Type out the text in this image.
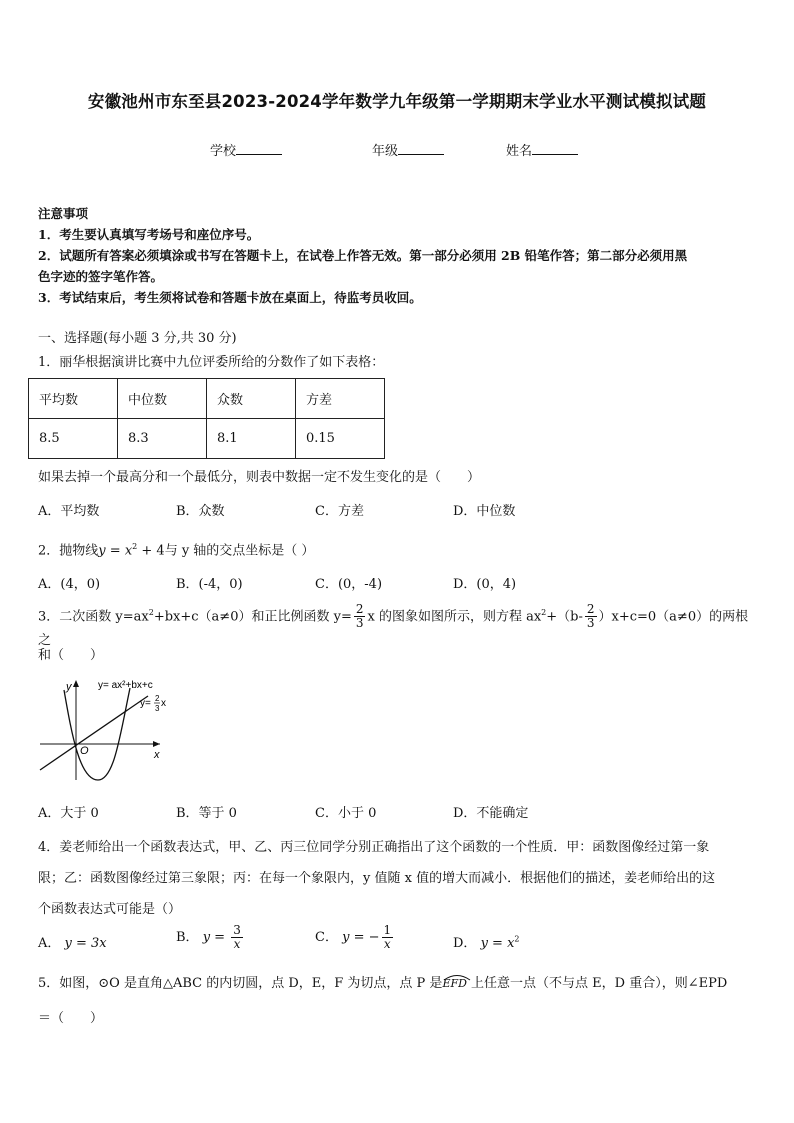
安徽池州市东至县2023-2024学年数学九年级第一学期期末学业水平测试模拟试题
学校	年级	姓名
注意事项
1．考生要认真填写考场号和座位序号。
2．试题所有答案必须填涂或书写在答题卡上，在试卷上作答无效。第一部分必须用 2B 铅笔作答；第二部分必须用黑
色字迹的签字笔作答。
3．考试结束后，考生须将试卷和答题卡放在桌面上，待监考员收回。
一、选择题(每小题 3 分,共 30 分)
1．丽华根据演讲比赛中九位评委所给的分数作了如下表格：
平均数	中位数	众数	方差
8.5	8.3	8.1	0.15
如果去掉一个最高分和一个最低分，则表中数据一定不发生变化的是（　　）
A．平均数	B．众数	C．方差	D．中位数
2．抛物线$y = x^2 + 4$与 y 轴的交点坐标是（ ）
A．(4，0)	B．(-4，0)	C．(0，-4)	D．(0，4)
3．二次函数 $y=ax^2+bx+c(a\ne 0)$和正比例函数 $y= \frac{2}{3}$ x 的图象如图所示，则方程 $ax^2+(b- \frac{2}{3} )x+c=0(a\ne 0)$的两根之
和（　　）
y
x
O
y= ax²+bx+c
y= 2
3 x
A．大于 0	B．等于 0	C．小于 0	D．不能确定
4．姜老师给出一个函数表达式，甲、乙、丙三位同学分别正确指出了这个函数的一个性质．甲：函数图像经过第一象
限；乙：函数图像经过第三象限；丙：在每一个象限内，y 值随 x 值的增大而减小．根据他们的描述，姜老师给出的这
个函数表达式可能是（）
A． y = 3x	B． $y = \frac{3}{x}$	C． y = − $\frac{1}{x}$	D． $y = x^2$
5．如图，⊙O 是直角△ABC 的内切圆，点 D，E，F 为切点，点 P 是EFD
上任意一点（不与点 E，D 重合），则∠EPD
＝（　　）
